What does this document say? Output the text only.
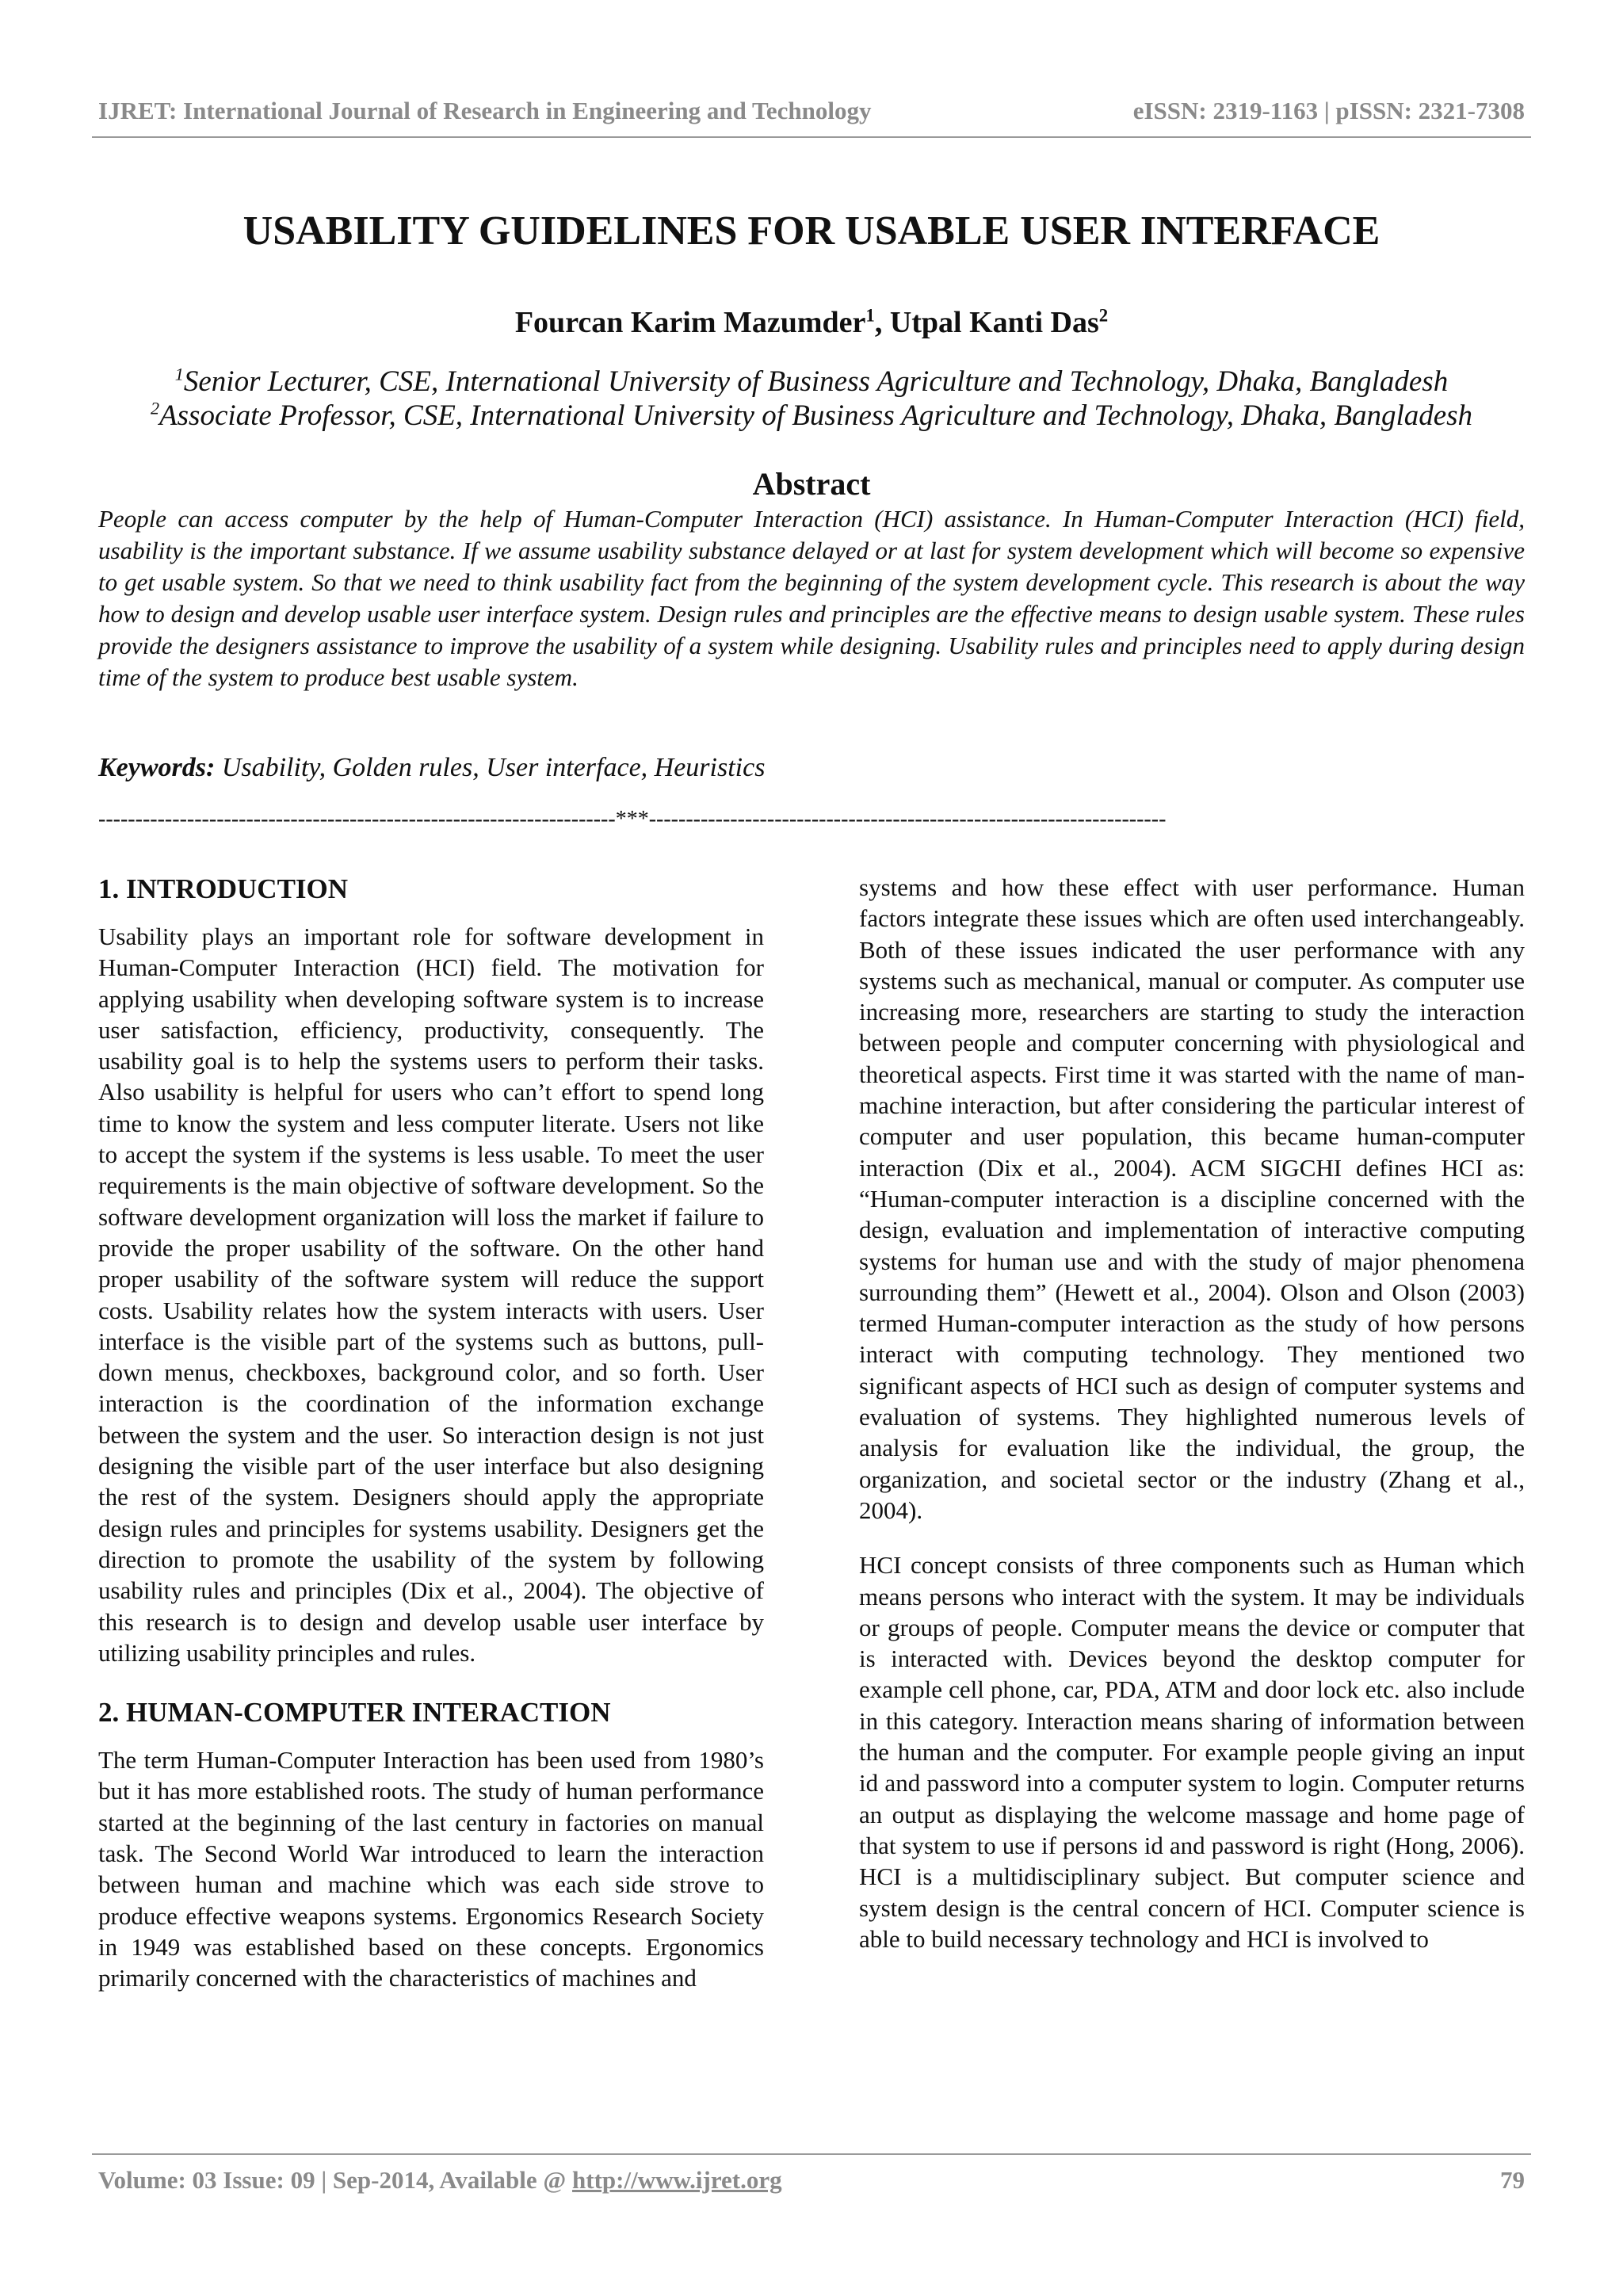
IJRET: International Journal of Research in Engineering and Technology	eISSN: 2319-1163 | pISSN: 2321-7308
USABILITY GUIDELINES FOR USABLE USER INTERFACE
Fourcan Karim Mazumder$^1$, Utpal Kanti Das$^2$
$^1$Senior Lecturer, CSE, International University of Business Agriculture and Technology, Dhaka, Bangladesh
$^2$Associate Professor, CSE, International University of Business Agriculture and Technology, Dhaka, Bangladesh
Abstract
People can access computer by the help of Human-Computer Interaction (HCI) assistance. In Human-Computer Interaction (HCI) field, usability is the important substance. If we assume usability substance delayed or at last for system development which will become so expensive to get usable system. So that we need to think usability fact from the beginning of the system development cycle. This research is about the way how to design and develop usable user interface system. Design rules and principles are the effective means to design usable system. These rules provide the designers assistance to improve the usability of a system while designing. Usability rules and principles need to apply during design time of the system to produce best usable system.
Keywords: Usability, Golden rules, User interface, Heuristics
----------------------------------------------------------------------***----------------------------------------------------------------------
1. INTRODUCTION

Usability plays an important role for software development in Human-Computer Interaction (HCI) field. The motivation for applying usability when developing software system is to increase user satisfaction, efficiency, productivity, consequently. The usability goal is to help the systems users to perform their tasks. Also usability is helpful for users who can’t effort to spend long time to know the system and less computer literate. Users not like to accept the system if the systems is less usable. To meet the user requirements is the main objective of software development. So the software development organization will loss the market if failure to provide the proper usability of the software. On the other hand proper usability of the software system will reduce the support costs. Usability relates how the system interacts with users. User interface is the visible part of the systems such as buttons, pull-down menus, checkboxes, background color, and so forth. User interaction is the coordination of the information exchange between the system and the user. So interaction design is not just designing the visible part of the user interface but also designing the rest of the system. Designers should apply the appropriate design rules and principles for systems usability. Designers get the direction to promote the usability of the system by following usability rules and principles (Dix et al., 2004). The objective of this research is to design and develop usable user interface by utilizing usability principles and rules.

2. HUMAN-COMPUTER INTERACTION

The term Human-Computer Interaction has been used from 1980’s but it has more established roots. The study of human performance started at the beginning of the last century in factories on manual task. The Second World War introduced to learn the interaction between human and machine which was each side strove to produce effective weapons systems. Ergonomics Research Society in 1949 was established based on these concepts. Ergonomics primarily concerned with the characteristics of machines and

systems and how these effect with user performance. Human factors integrate these issues which are often used interchangeably. Both of these issues indicated the user performance with any systems such as mechanical, manual or computer. As computer use increasing more, researchers are starting to study the interaction between people and computer concerning with physiological and theoretical aspects. First time it was started with the name of man-machine interaction, but after considering the particular interest of computer and user population, this became human-computer interaction (Dix et al., 2004). ACM SIGCHI defines HCI as: “Human-computer interaction is a discipline concerned with the design, evaluation and implementation of interactive computing systems for human use and with the study of major phenomena surrounding them” (Hewett et al., 2004). Olson and Olson (2003) termed Human-computer interaction as the study of how persons interact with computing technology. They mentioned two significant aspects of HCI such as design of computer systems and evaluation of systems. They highlighted numerous levels of analysis for evaluation like the individual, the group, the organization, and societal sector or the industry (Zhang et al., 2004).

HCI concept consists of three components such as Human which means persons who interact with the system. It may be individuals or groups of people. Computer means the device or computer that is interacted with. Devices beyond the desktop computer for example cell phone, car, PDA, ATM and door lock etc. also include in this category. Interaction means sharing of information between the human and the computer. For example people giving an input id and password into a computer system to login. Computer returns an output as displaying the welcome massage and home page of that system to use if persons id and password is right (Hong, 2006). HCI is a multidisciplinary subject. But computer science and system design is the central concern of HCI. Computer science is able to build necessary technology and HCI is involved to

Volume: 03 Issue: 09 | Sep-2014, Available @ http://www.ijret.org	79
